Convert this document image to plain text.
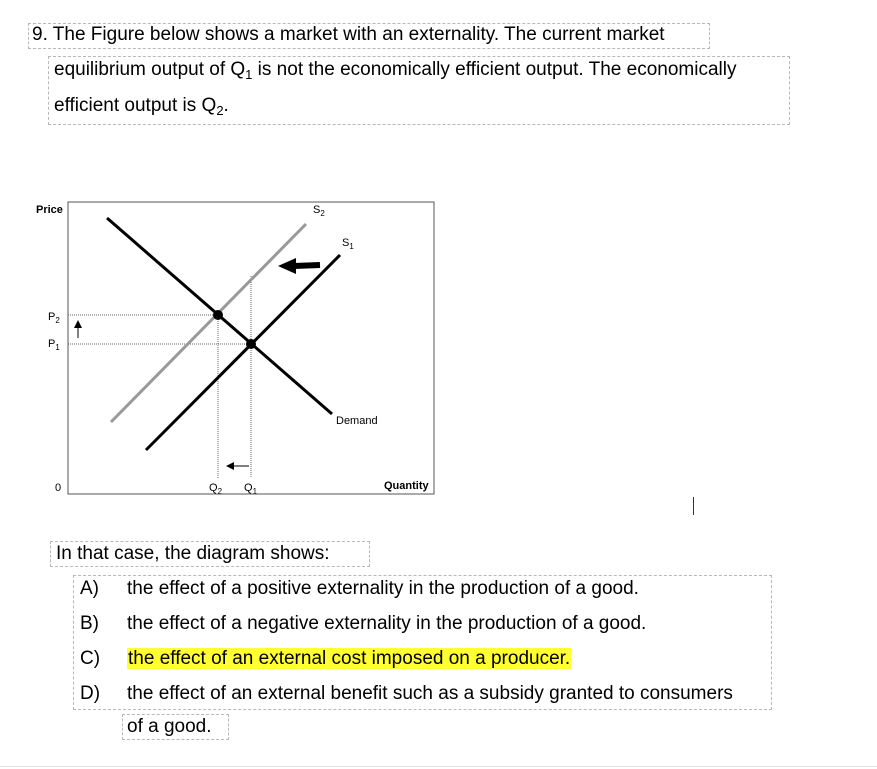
9. The Figure below shows a market with an externality. The current market
equilibrium output of $Q_1$ is not the economically efficient output. The economically
efficient output is $Q_2$.
Price
Quantity
0
$P_2$
$P_1$
$Q_2$ $Q_1$
$S_2$
$S_1$
Demand
In that case, the diagram shows:
A) the effect of a positive externality in the production of a good.
B) the effect of a negative externality in the production of a good.
C) the effect of an external cost imposed on a producer.
D) the effect of an external benefit such as a subsidy granted to consumers
of a good.
